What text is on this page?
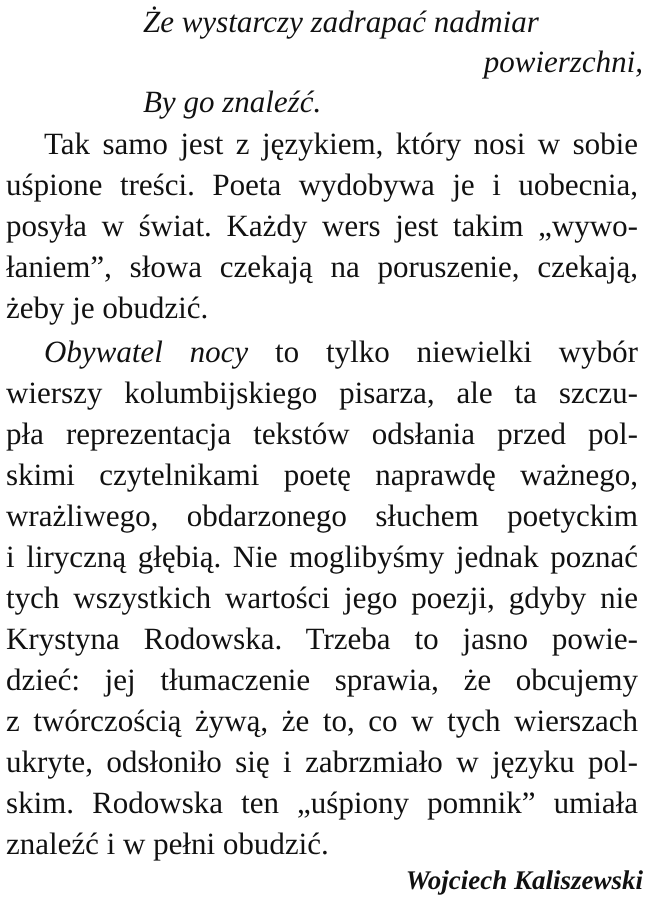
Że wystarczy zadrapać nadmiar
powierzchni,
By go znaleźć.
Tak samo jest z językiem, który nosi w sobie
uśpione treści. Poeta wydobywa je i uobecnia,
posyła w świat. Każdy wers jest takim „wywo-
łaniem”, słowa czekają na poruszenie, czekają,
żeby je obudzić.
Obywatel nocy to tylko niewielki wybór
wierszy kolumbijskiego pisarza, ale ta szczu-
pła reprezentacja tekstów odsłania przed pol-
skimi czytelnikami poetę naprawdę ważnego,
wrażliwego, obdarzonego słuchem poetyckim
i liryczną głębią. Nie moglibyśmy jednak poznać
tych wszystkich wartości jego poezji, gdyby nie
Krystyna Rodowska. Trzeba to jasno powie-
dzieć: jej tłumaczenie sprawia, że obcujemy
z twórczością żywą, że to, co w tych wierszach
ukryte, odsłoniło się i zabrzmiało w języku pol-
skim. Rodowska ten „uśpiony pomnik” umiała
znaleźć i w pełni obudzić.
Wojciech Kaliszewski
